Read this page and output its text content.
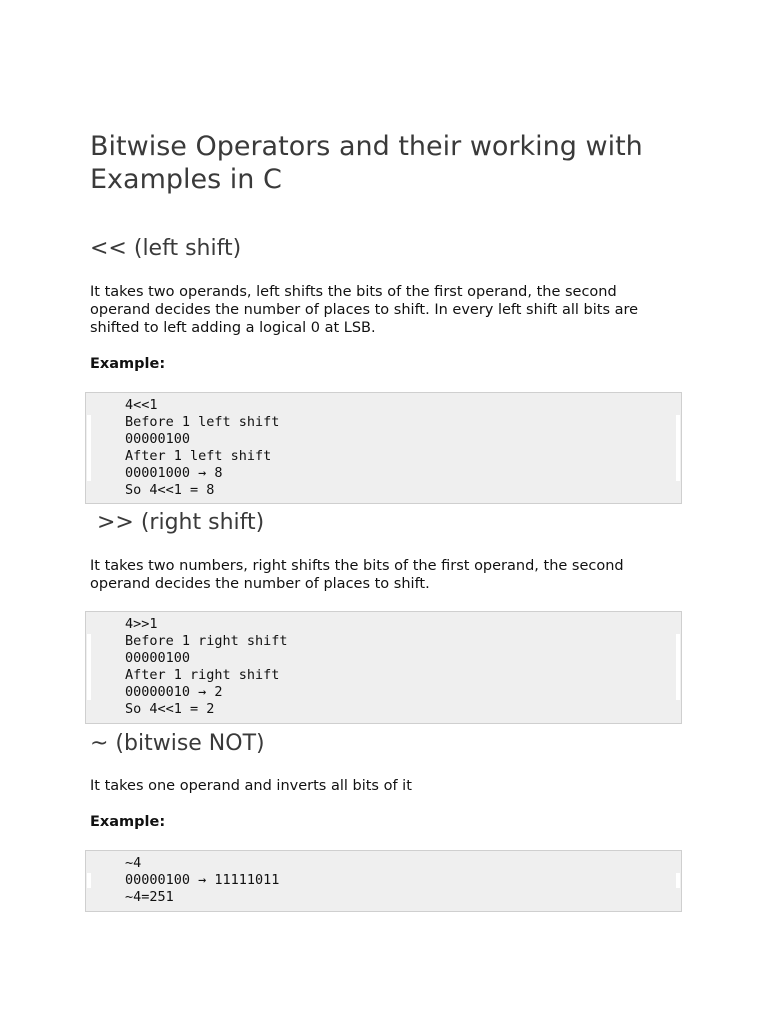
Bitwise Operators and their working with Examples in C
<< (left shift)

It takes two operands, left shifts the bits of the first operand, the second operand decides the number of places to shift. In every left shift all bits are shifted to left adding a logical 0 at LSB.

Example:

4<<1
Before 1 left shift
00000100
After 1 left shift
00001000 → 8
So 4<<1 = 8
>> (right shift)

It takes two numbers, right shifts the bits of the first operand, the second operand decides the number of places to shift.

4>>1
Before 1 right shift
00000100
After 1 right shift
00000010 → 2
So 4<<1 = 2
~ (bitwise NOT)

It takes one operand and inverts all bits of it

Example:

~4
00000100 → 11111011
~4=251
